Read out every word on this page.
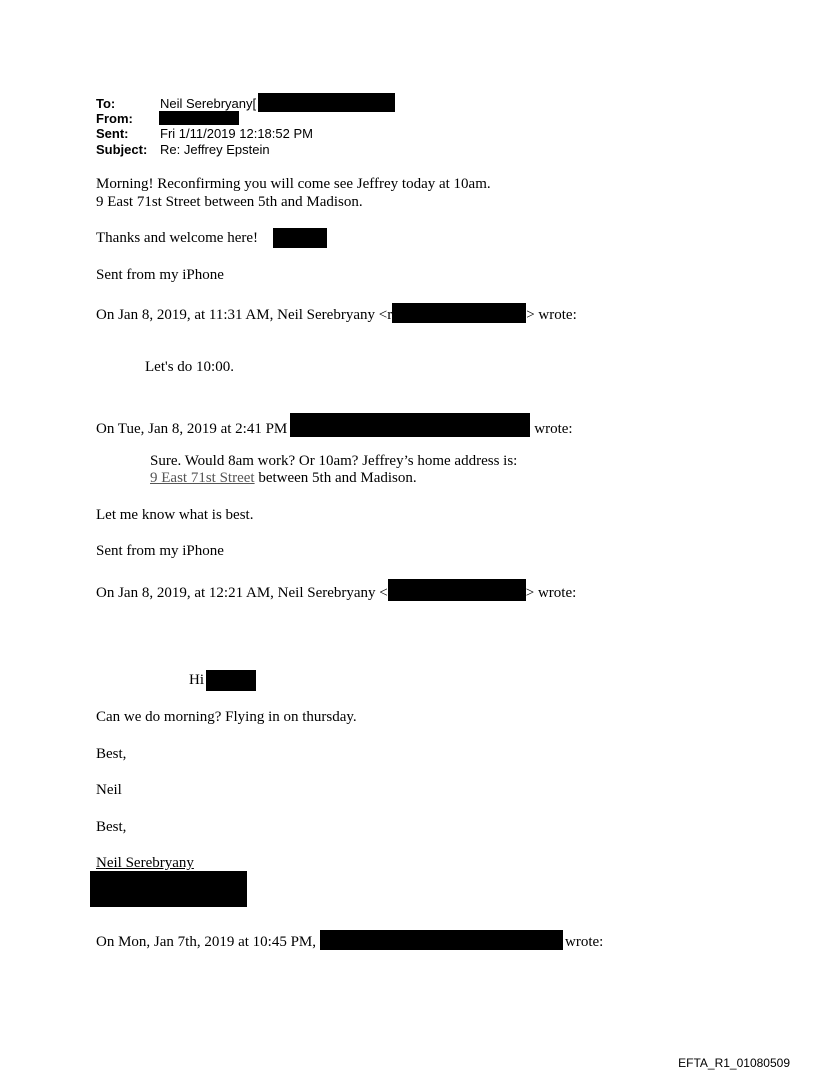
To:	Neil Serebryany[
From:
Sent: Fri 1/11/2019 12:18:52 PM
Subject: Re: Jeffrey Epstein
Morning! Reconfirming you will come see Jeffrey today at 10am.
9 East 71st Street between 5th and Madison.
Thanks and welcome here!
Sent from my iPhone
On Jan 8, 2019, at 11:31 AM, Neil Serebryany <r	> wrote:
Let's do 10:00.
On Tue, Jan 8, 2019 at 2:41 PM	wrote:
Sure. Would 8am work? Or 10am? Jeffrey’s home address is:
9 East 71st Street between 5th and Madison.
Let me know what is best.
Sent from my iPhone
On Jan 8, 2019, at 12:21 AM, Neil Serebryany <	> wrote:
Hi
Can we do morning? Flying in on thursday.
Best,
Neil
Best,
Neil Serebryany
On Mon, Jan 7th, 2019 at 10:45 PM,	wrote:
EFTA_R1_01080509
